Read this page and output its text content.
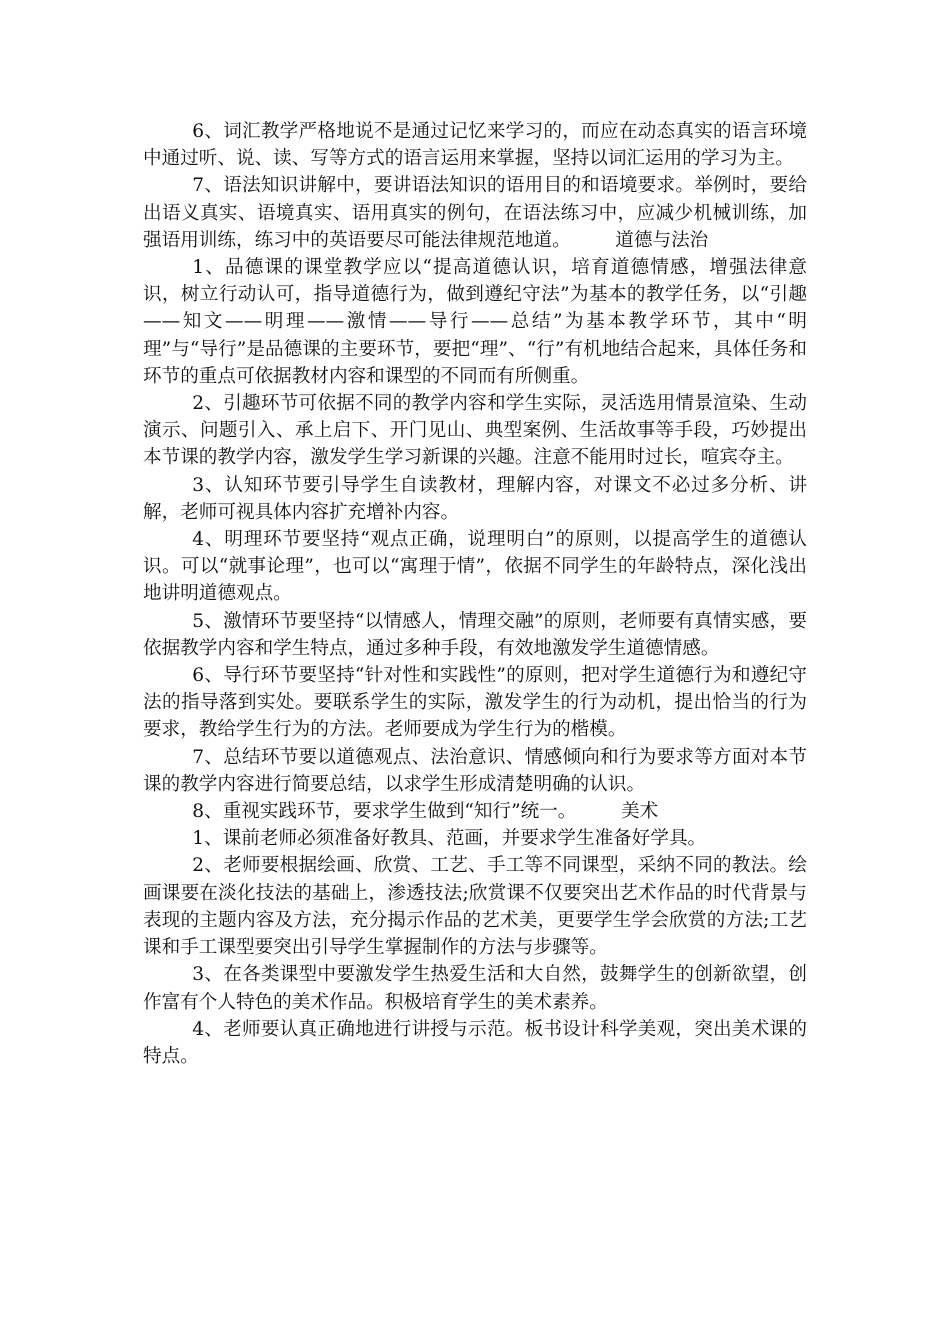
6、词汇教学严格地说不是通过记忆来学习的，而应在动态真实的语言环境中通过听、说、读、写等方式的语言运用来掌握，坚持以词汇运用的学习为主。

7、语法知识讲解中，要讲语法知识的语用目的和语境要求。举例时，要给出语义真实、语境真实、语用真实的例句，在语法练习中，应减少机械训练，加强语用训练，练习中的英语要尽可能法律规范地道。 道德与法治

1、品德课的课堂教学应以“提高道德认识，培育道德情感，增强法律意识，树立行动认可，指导道德行为，做到遵纪守法”为基本的教学任务，以“引趣——知文——明理——激情——导行——总结”为基本教学环节，其中“明理”与“导行”是品德课的主要环节，要把“理”、“行”有机地结合起来，具体任务和环节的重点可依据教材内容和课型的不同而有所侧重。

2、引趣环节可依据不同的教学内容和学生实际，灵活选用情景渲染、生动演示、问题引入、承上启下、开门见山、典型案例、生活故事等手段，巧妙提出本节课的教学内容，激发学生学习新课的兴趣。注意不能用时过长，喧宾夺主。

3、认知环节要引导学生自读教材，理解内容，对课文不必过多分析、讲解，老师可视具体内容扩充增补内容。

4、明理环节要坚持“观点正确，说理明白”的原则，以提高学生的道德认识。可以“就事论理”，也可以“寓理于情”，依据不同学生的年龄特点，深化浅出地讲明道德观点。

5、激情环节要坚持“以情感人，情理交融”的原则，老师要有真情实感，要依据教学内容和学生特点，通过多种手段，有效地激发学生道德情感。

6、导行环节要坚持“针对性和实践性”的原则，把对学生道德行为和遵纪守法的指导落到实处。要联系学生的实际，激发学生的行为动机，提出恰当的行为要求，教给学生行为的方法。老师要成为学生行为的楷模。

7、总结环节要以道德观点、法治意识、情感倾向和行为要求等方面对本节课的教学内容进行简要总结，以求学生形成清楚明确的认识。

8、重视实践环节，要求学生做到“知行”统一。 美术

1、课前老师必须准备好教具、范画，并要求学生准备好学具。

2、老师要根据绘画、欣赏、工艺、手工等不同课型，采纳不同的教法。绘画课要在淡化技法的基础上，渗透技法;欣赏课不仅要突出艺术作品的时代背景与表现的主题内容及方法，充分揭示作品的艺术美，更要学生学会欣赏的方法;工艺课和手工课型要突出引导学生掌握制作的方法与步骤等。

3、在各类课型中要激发学生热爱生活和大自然，鼓舞学生的创新欲望，创作富有个人特色的美术作品。积极培育学生的美术素养。

4、老师要认真正确地进行讲授与示范。板书设计科学美观，突出美术课的特点。
